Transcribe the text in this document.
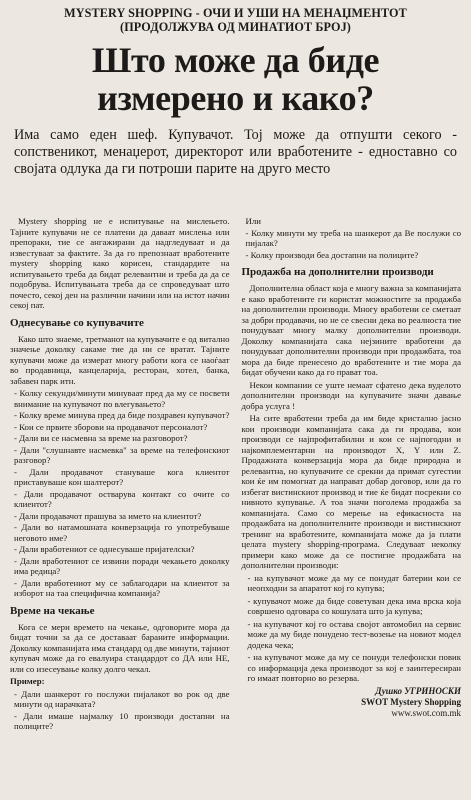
MYSTERY SHOPPING - ОЧИ И УШИ НА МЕНАЏМЕНТОТ
(ПРОДОЛЖУВА ОД МИНАТИОТ БРОЈ)
Што може да биде
измерено и како?
Има само еден шеф. Купувачот. Тој може да отпушти секого - сопственикот, менаџерот, директорот или вработените - едноставно со својата одлука да ги потроши парите на друго место

Mystery shopping не е испитување на мислењето. Тајните купувачи не се платени да даваат мислења или препораки, тие се ангажирани да надгледуваат и да известуваат за фактите. За да го препознаат вработените mystery shopping како корисен, стандардите на испитувањето треба да бидат релевантни и треба да да се подобрува. Испитувањата треба да се спроведуваат што почесто, секој ден на различни начини или на истот начин секој пат.

Однесување со купувачите

Како што знаеме, третманот на купувачите е од витално значење доколку сакаме тие да ни се вратат. Тајните купувачи може да измерат многу работи кога се наоѓаат во продавница, канцеларија, ресторан, хотел, банка, забавен парк итн.

- Колку секунди/минути минуваат пред да му се посвети внимание на купувачот по влегувањето?

- Колку време минува пред да биде поздравен купувачот?

- Кои се првите зборови на продавачот персоналот?

- Дали ви се насмевна за време на разговорот?

- Дали "слушнавте насмевка" за време на телефонскиот разговор?

- Дали продавачот стануваше кога клиентот приставуваше кон шалтерот?

- Дали продавачот остварува контакт со очите со клиентот?

- Дали продавачот прашува за името на клиентот?

- Дали во натамошната конверзација го употребуваше неговото име?

- Дали вработениот се однесуваше пријателски?

- Дали вработениот се извини поради чекањето доколку има редица?

- Дали вработениот му се заблагодари на клиентот за изборот на таа специфична компанија?

Време на чекање

Кога се мери времето на чекање, одговорите мора да бидат точни за да се доставаат бараните информации. Доколку компанијата има стандард од две минути, тајниот купувач може да го евалуира стандардот со ДА или НЕ, или со изесеување колку долго чекал.

Пример:

- Дали шанкерот го послужи пијалакот во рок од две минути од нарачката?

- Дали имаше најмалку 10 производи достапни на полиците?

Или

- Колку минути му треба на шанкерот да Ве послужи со пијалак?

- Колку производи беа достапни на полиците?

Продажба на дополнителни производи

Дополнителна област која е многу важна за компанијата е како вработените ги користат можностите за продажба на дополнителни производи. Многу вработени се сметаат за добри продавачи, но не се свесни дека во реалноста тие понудуваат многу малку дополнителни производи. Доколку компанијата сака нејзините вработени да понудуваат дополнителни производи при продажбата, тоа мора да биде пренесено до вработените и тие мора да бидат обучени како да го прават тоа.

Некои компании се уште немаат сфатено дека вуделото дополнителни производи на купувачите значи давање добра услуга !

На сите вработени треба да им биде кристално јасно кои производи компанијата сака да ги продава, кои производи се најпрофитабилни и кои се најпогодни и најкомплементарни на производот X, Y или Z. Продажната конверзација мора да биде природна и релевантна, но купувачите се срекни да примат сугестии кои ќе им помогнат да направат добар договор, или да го избегат вистинскиот производ и тие ќе бидат посрекни со нивното купување. А тоа значи поголема продажба за компанијата. Само со мерење на ефикасноста на продажбата на дополнителните производи и вистинскиот тренинг на вработените, компанијата може да ја плати целата mystery shopping-програма. Следуваат неколку примери како може да се постигне продажбата на дополнителни производи:

- на купувачот може да му се понудат батерии кои се неопходни за апаратот кој го купува;
- купувачот може да биде советуван дека има врска која совршено одговара со кошулата што ја купува;
- на купувачот кој го остава својот автомобил на сервис може да му биде понудено тест-возење на новиот модел додека чека;
- на купувачот може да му се понуди телефонски повик со информација дека производот за кој е заинтересиран го имаат повторно во резерва.
Душко УГРИНОСКИ
SWOT Mystery Shopping
www.swot.com.mk
